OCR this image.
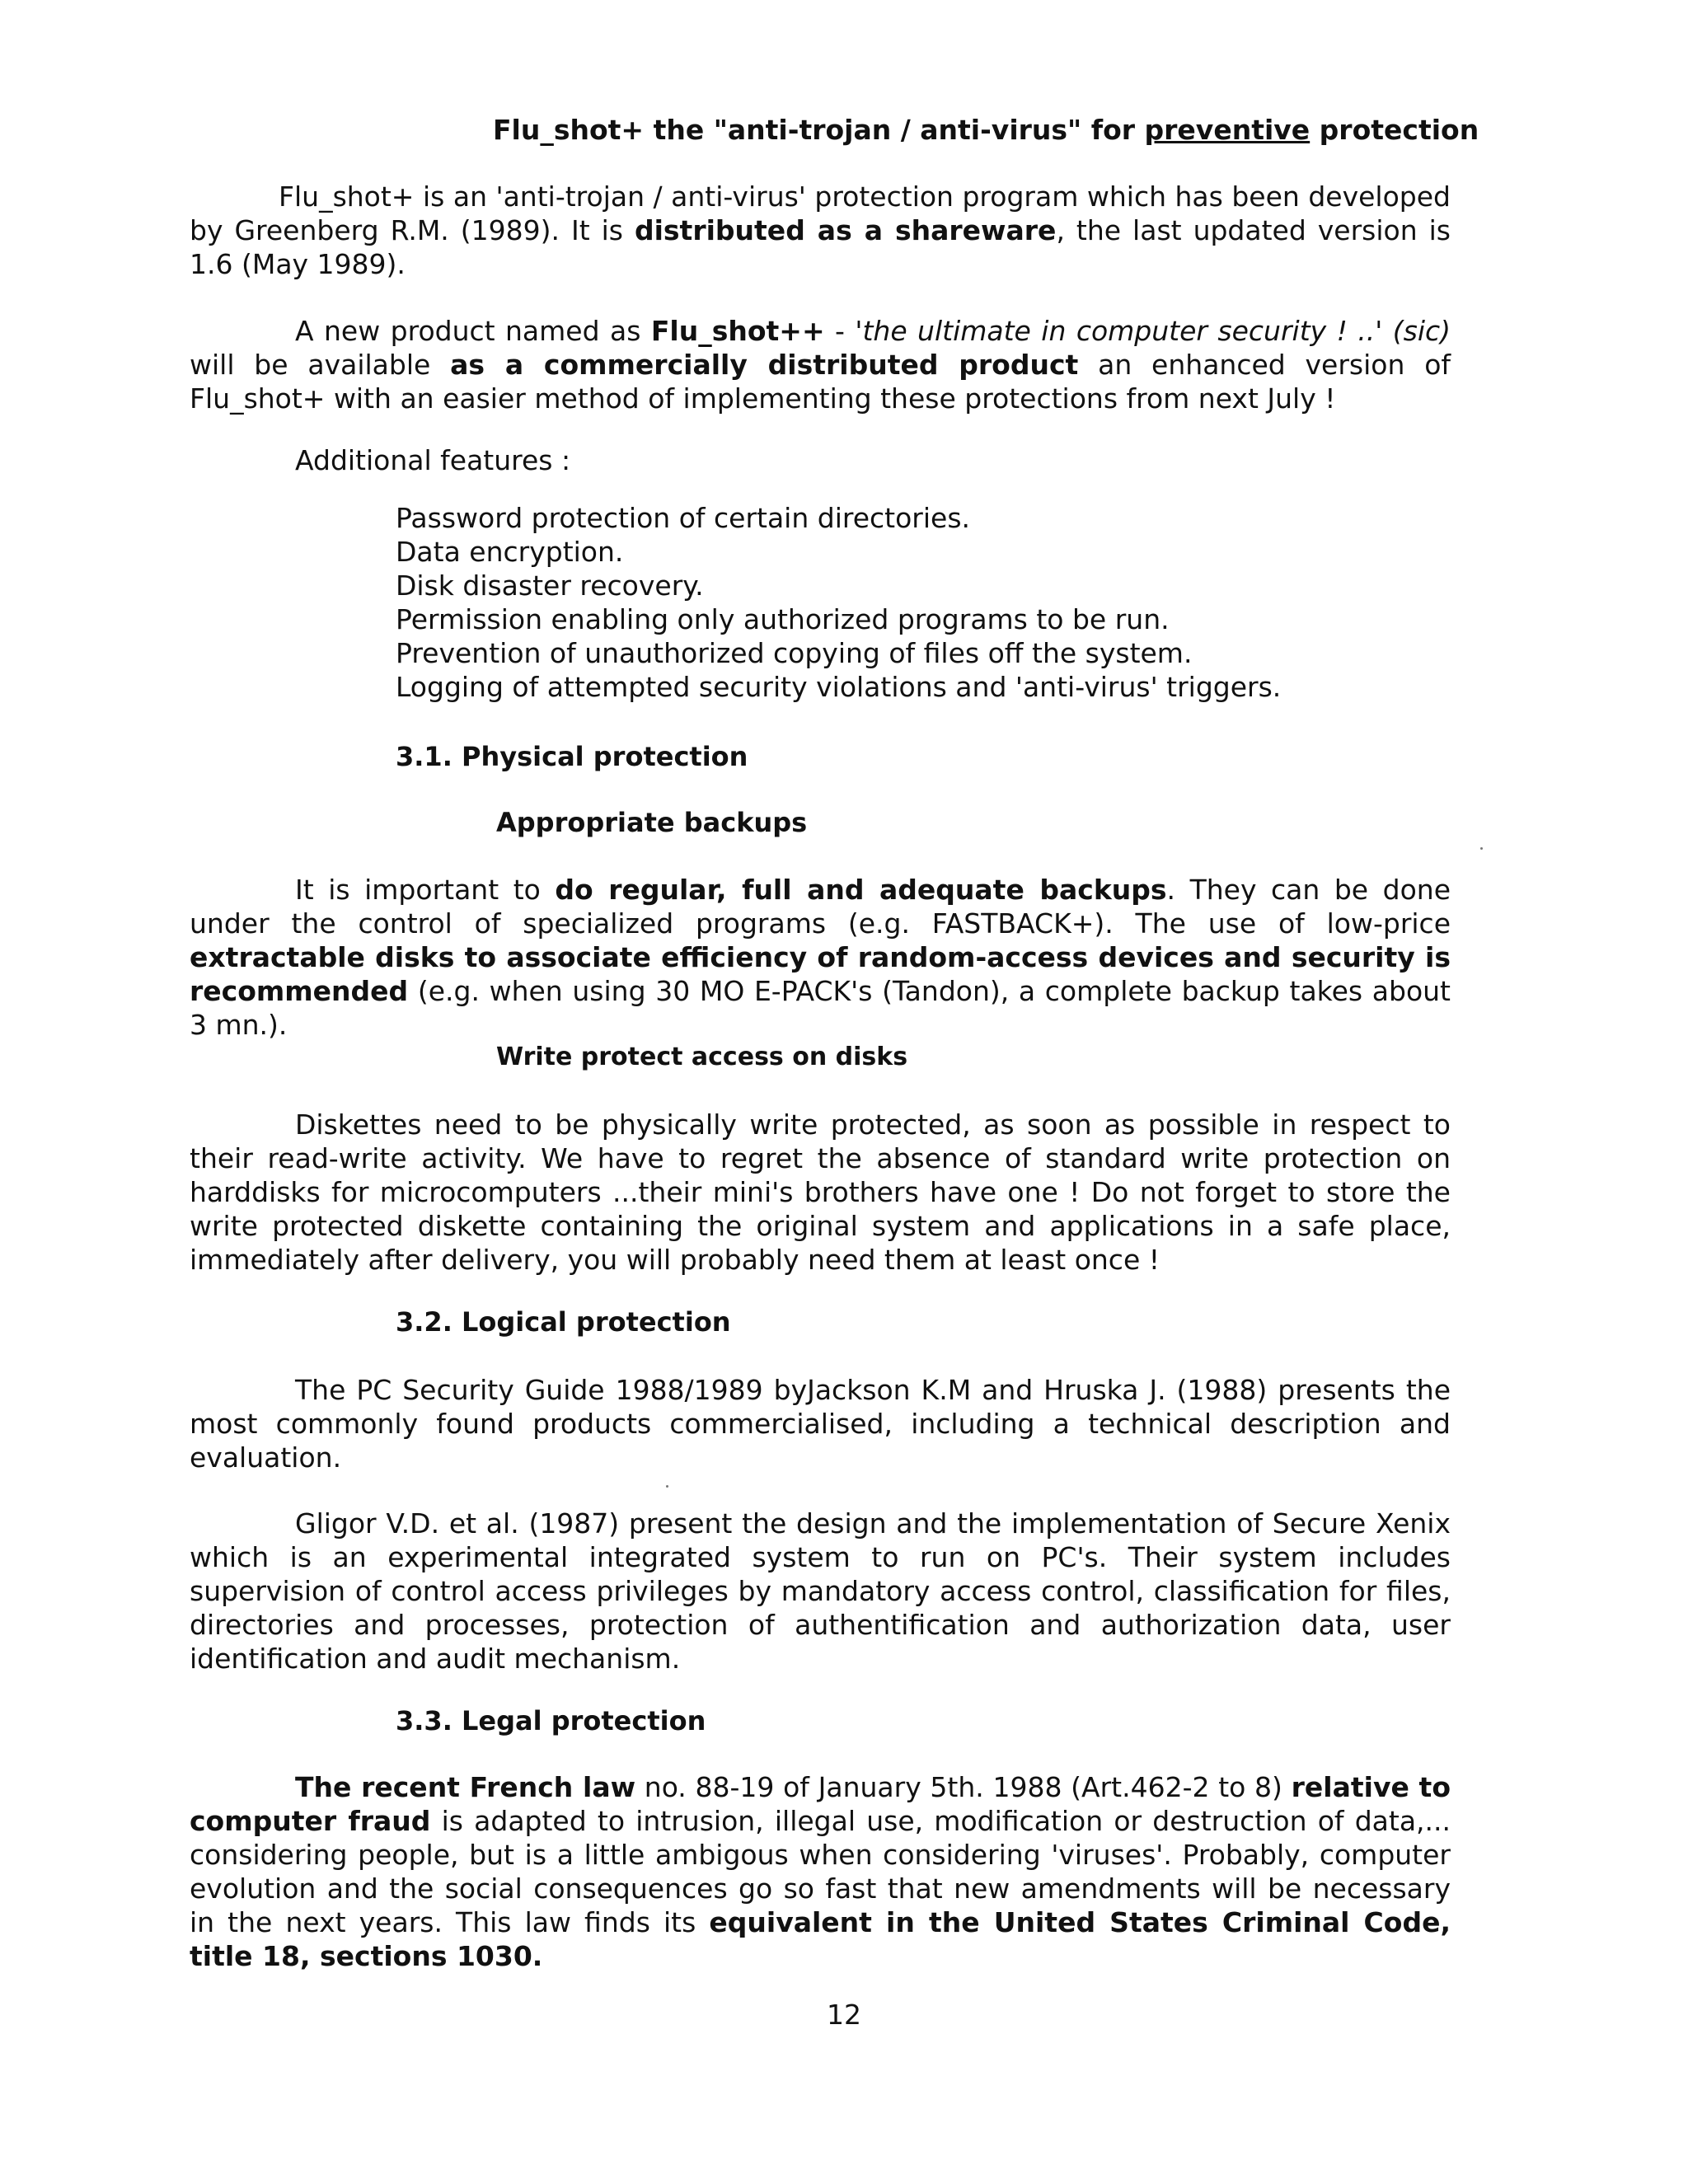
Flu_shot+ the "anti-trojan / anti-virus" for preventive protection

Flu_shot+ is an 'anti-trojan / anti-virus' protection program which has been developed by Greenberg R.M. (1989). It is distributed as a shareware, the last updated version is 1.6 (May 1989).

A new product named as Flu_shot++ - 'the ultimate in computer security ! ..' (sic) will be available as a commercially distributed product an enhanced version of Flu_shot+ with an easier method of implementing these protections from next July !

Additional features :

Password protection of certain directories.
Data encryption.
Disk disaster recovery.
Permission enabling only authorized programs to be run.
Prevention of unauthorized copying of files off the system.
Logging of attempted security violations and 'anti-virus' triggers.
3.1. Physical protection
Appropriate backups

It is important to do regular, full and adequate backups. They can be done under the control of specialized programs (e.g. FASTBACK+). The use of low-price extractable disks to associate efficiency of random-access devices and security is recommended (e.g. when using 30 MO E-PACK's (Tandon), a complete backup takes about 3 mn.).

Write protect access on disks

Diskettes need to be physically write protected, as soon as possible in respect to their read-write activity. We have to regret the absence of standard write protection on harddisks for microcomputers ...their mini's brothers have one ! Do not forget to store the write protected diskette containing the original system and applications in a safe place, immediately after delivery, you will probably need them at least once !

3.2. Logical protection

The PC Security Guide 1988/1989 byJackson K.M and Hruska J. (1988) presents the most commonly found products commercialised, including a technical description and evaluation.

Gligor V.D. et al. (1987) present the design and the implementation of Secure Xenix which is an experimental integrated system to run on PC's. Their system includes supervision of control access privileges by mandatory access control, classification for files, directories and processes, protection of authentification and authorization data, user identification and audit mechanism.

3.3. Legal protection

The recent French law no. 88-19 of January 5th. 1988 (Art.462-2 to 8) relative to computer fraud is adapted to intrusion, illegal use, modification or destruction of data,... considering people, but is a little ambigous when considering 'viruses'. Probably, computer evolution and the social consequences go so fast that new amendments will be necessary in the next years. This law finds its equivalent in the United States Criminal Code, title 18, sections 1030.

12
